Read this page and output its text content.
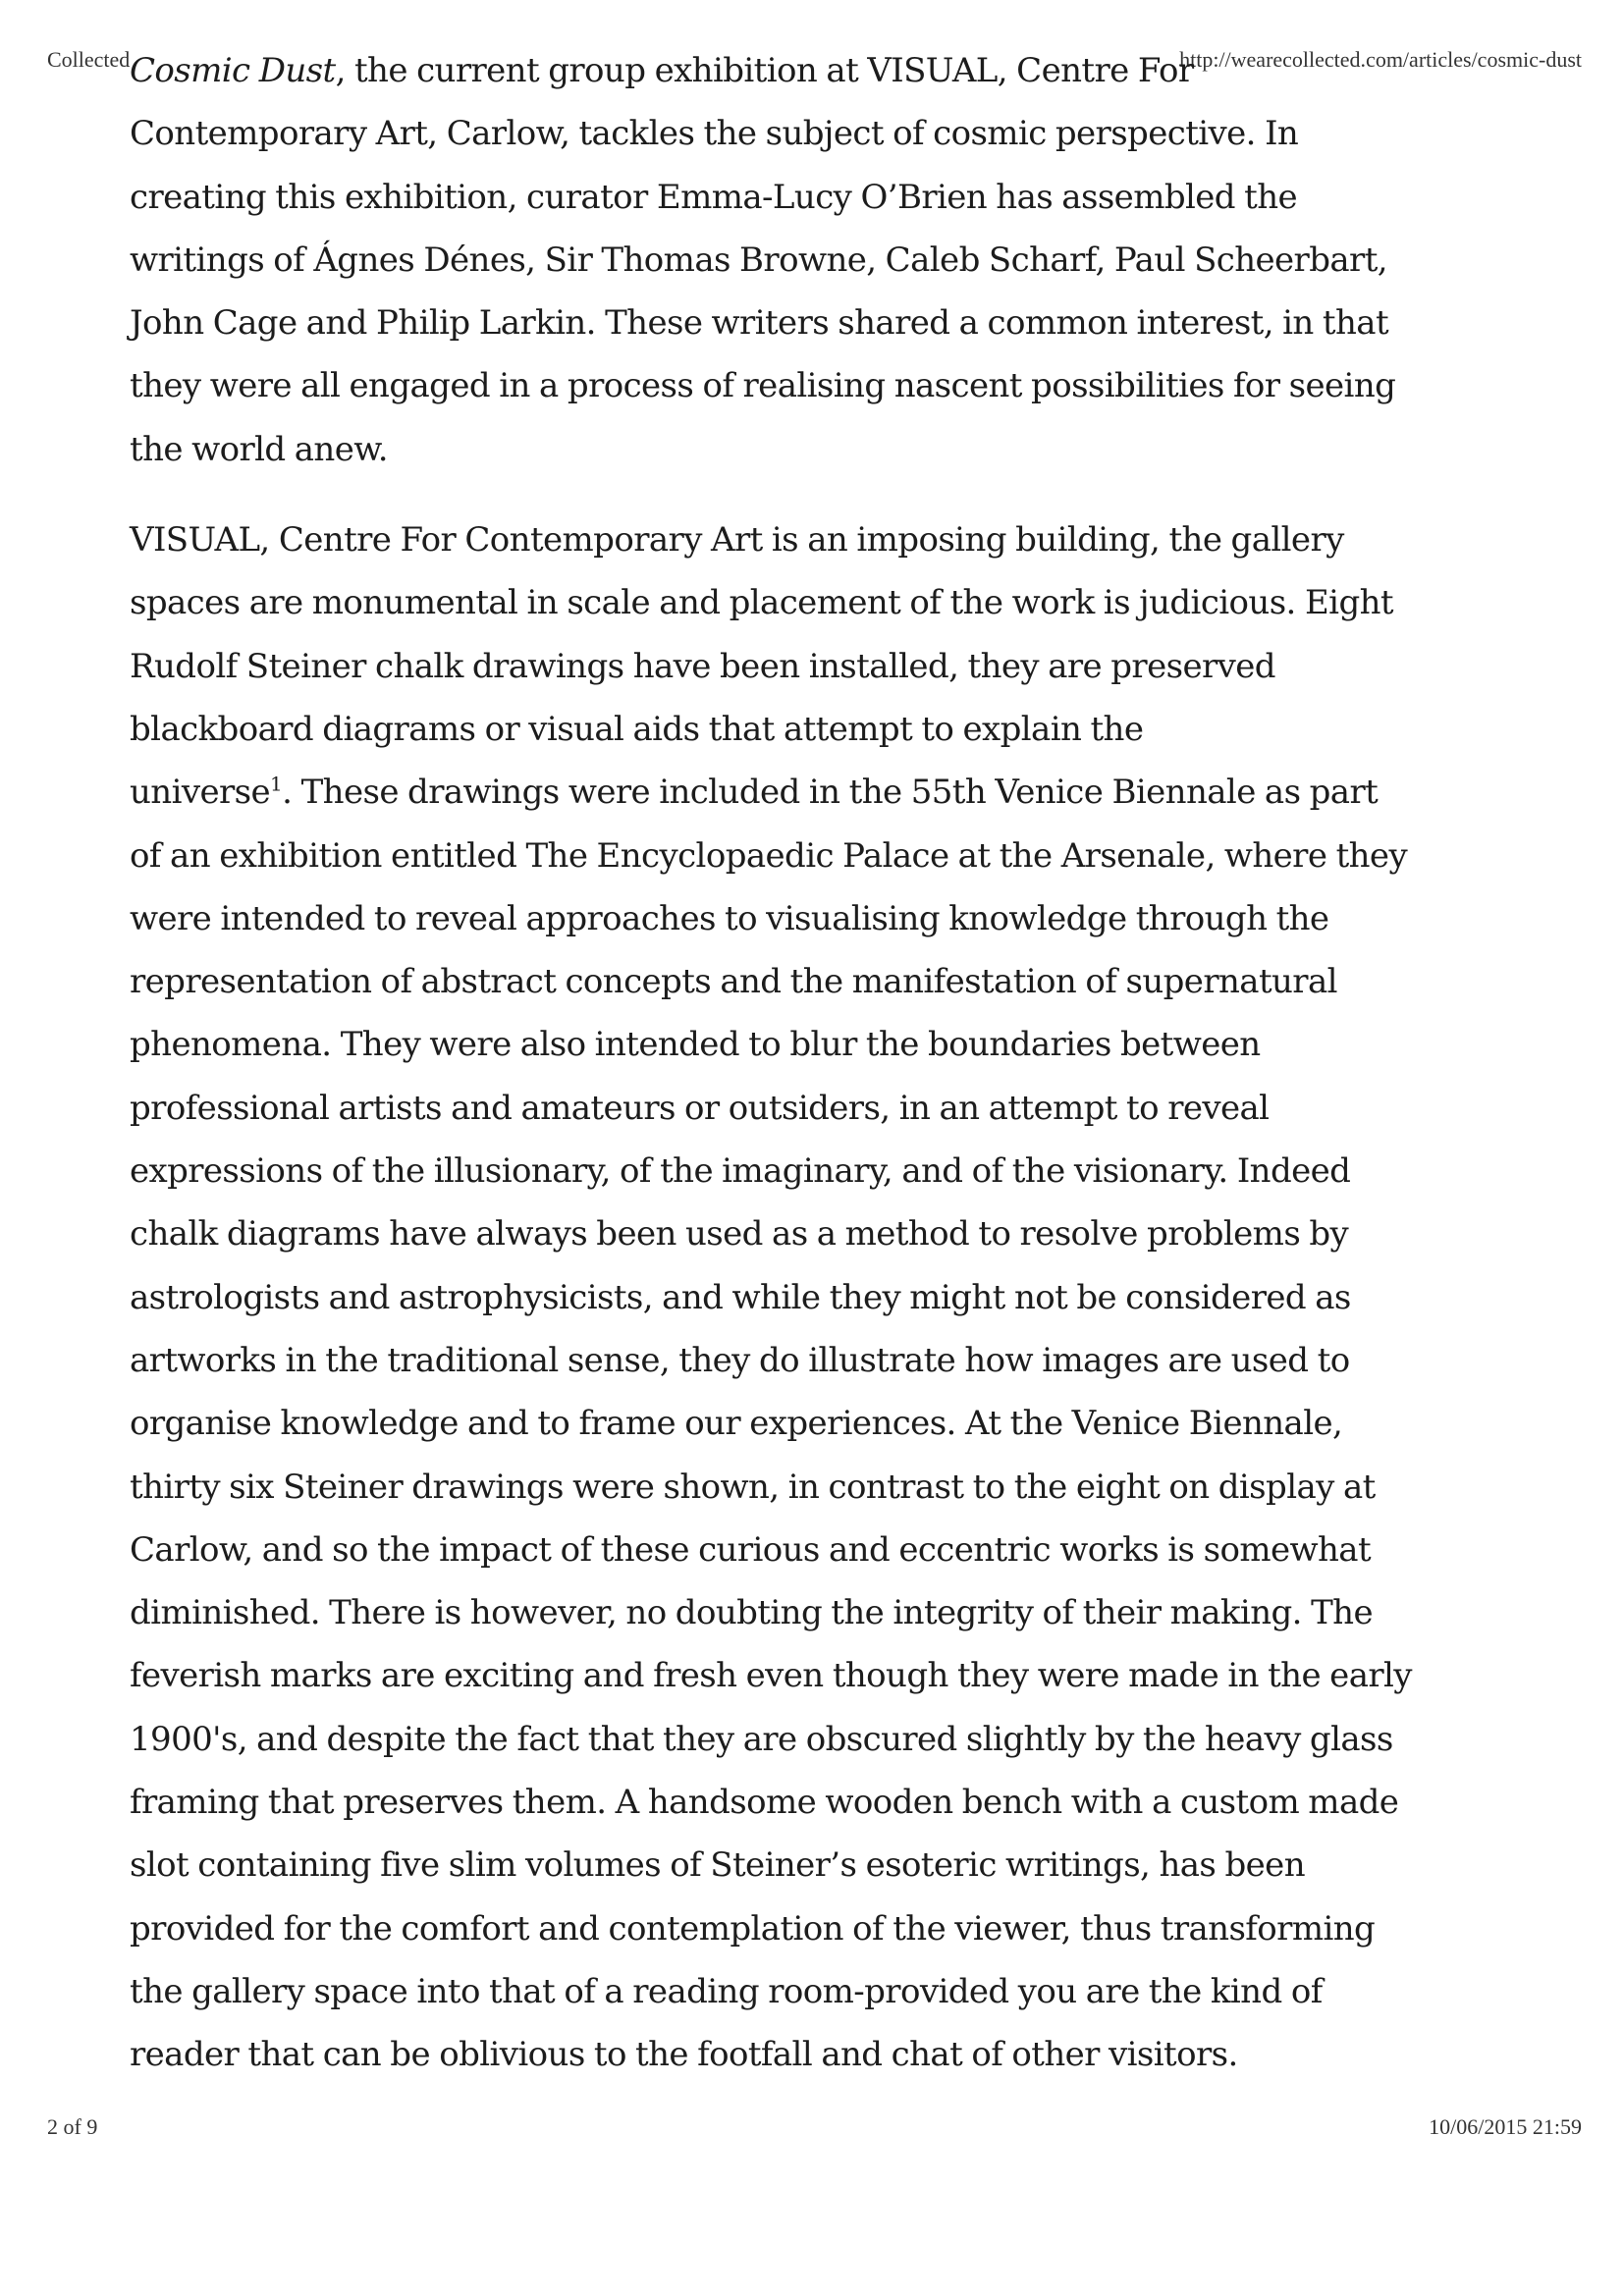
Collected	http://wearecollected.com/articles/cosmic-dust

Cosmic Dust, the current group exhibition at VISUAL, Centre For
Contemporary Art, Carlow, tackles the subject of cosmic perspective. In
creating this exhibition, curator Emma-Lucy O’Brien has assembled the
writings of Ágnes Dénes, Sir Thomas Browne, Caleb Scharf, Paul Scheerbart,
John Cage and Philip Larkin. These writers shared a common interest, in that
they were all engaged in a process of realising nascent possibilities for seeing
the world anew.

VISUAL, Centre For Contemporary Art is an imposing building, the gallery
spaces are monumental in scale and placement of the work is judicious. Eight
Rudolf Steiner chalk drawings have been installed, they are preserved
blackboard diagrams or visual aids that attempt to explain the
universe$^1$. These drawings were included in the 55th Venice Biennale as part
of an exhibition entitled The Encyclopaedic Palace at the Arsenale, where they
were intended to reveal approaches to visualising knowledge through the
representation of abstract concepts and the manifestation of supernatural
phenomena. They were also intended to blur the boundaries between
professional artists and amateurs or outsiders, in an attempt to reveal
expressions of the illusionary, of the imaginary, and of the visionary. Indeed
chalk diagrams have always been used as a method to resolve problems by
astrologists and astrophysicists, and while they might not be considered as
artworks in the traditional sense, they do illustrate how images are used to
organise knowledge and to frame our experiences. At the Venice Biennale,
thirty six Steiner drawings were shown, in contrast to the eight on display at
Carlow, and so the impact of these curious and eccentric works is somewhat
diminished. There is however, no doubting the integrity of their making. The
feverish marks are exciting and fresh even though they were made in the early
1900's, and despite the fact that they are obscured slightly by the heavy glass
framing that preserves them. A handsome wooden bench with a custom made
slot containing five slim volumes of Steiner’s esoteric writings, has been
provided for the comfort and contemplation of the viewer, thus transforming
the gallery space into that of a reading room-provided you are the kind of
reader that can be oblivious to the footfall and chat of other visitors.

2 of 9	10/06/2015 21:59
